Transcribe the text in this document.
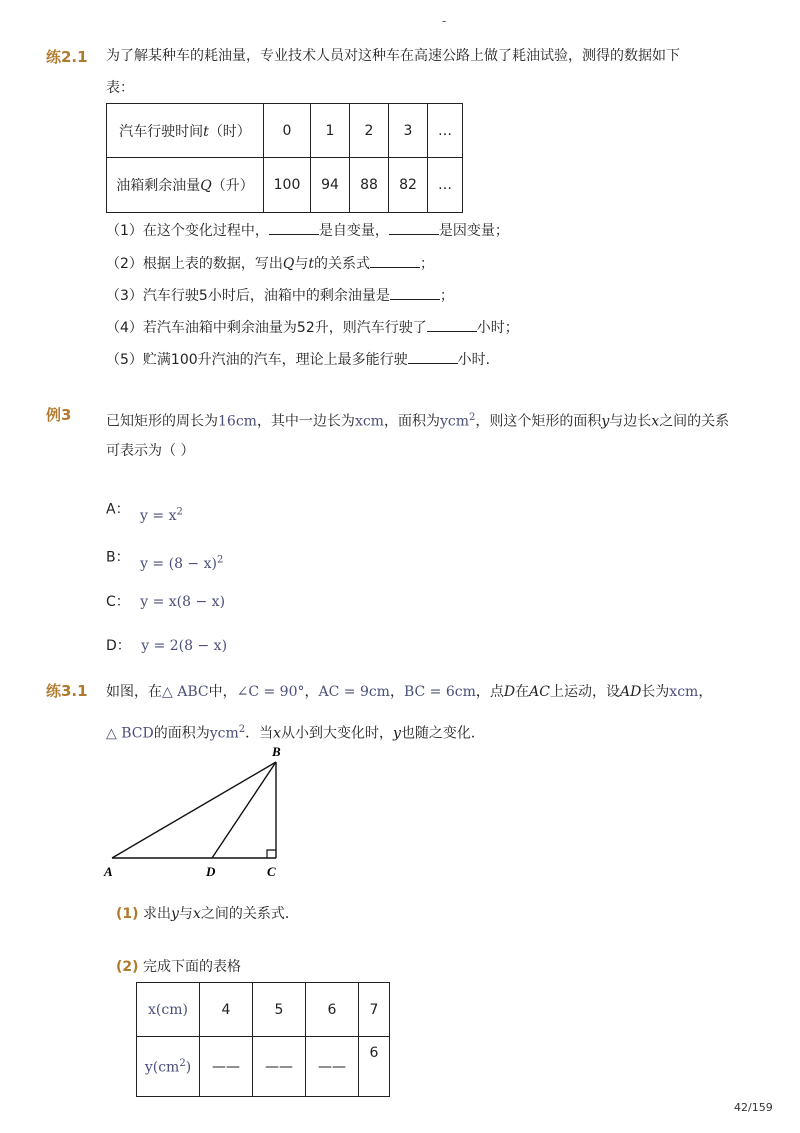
-
练2.1 为了解某种车的耗油量，专业技术人员对这种车在高速公路上做了耗油试验，测得的数据如下
表：
汽车行驶时间t（时）	0	1	2	3	…
油箱剩余油量Q（升）	100	94	88	82	…
（1）在这个变化过程中，	是自变量，	是因变量；
（2）根据上表的数据，写出Q与t的关系式	；
（3）汽车行驶5小时后，油箱中的剩余油量是	；
（4）若汽车油箱中剩余油量为52升，则汽车行驶了	小时；
（5）贮满100升汽油的汽车，理论上最多能行驶	小时．
例3 已知矩形的周长为16cm，其中一边长为xcm，面积为ycm$^2$，则这个矩形的面积y与边长x之间的关系
可表示为（ ）
A： $y = x^2$
B： $y = (8 - x)^2$
C： y = x(8 − x)
D： y = 2(8 − x)
练3.1 如图，在△ ABC中，∠C = 90°，AC = 9cm，BC = 6cm，点D在AC上运动，设AD长为xcm，
△ BCD的面积为ycm$^2$．当x从小到大变化时，y也随之变化．
B
A	D	C
(1) 求出y与x之间的关系式．
(2) 完成下面的表格
x(cm)	4	5	6	7
$y(cm^2)$	——	——	——	6
42/159
